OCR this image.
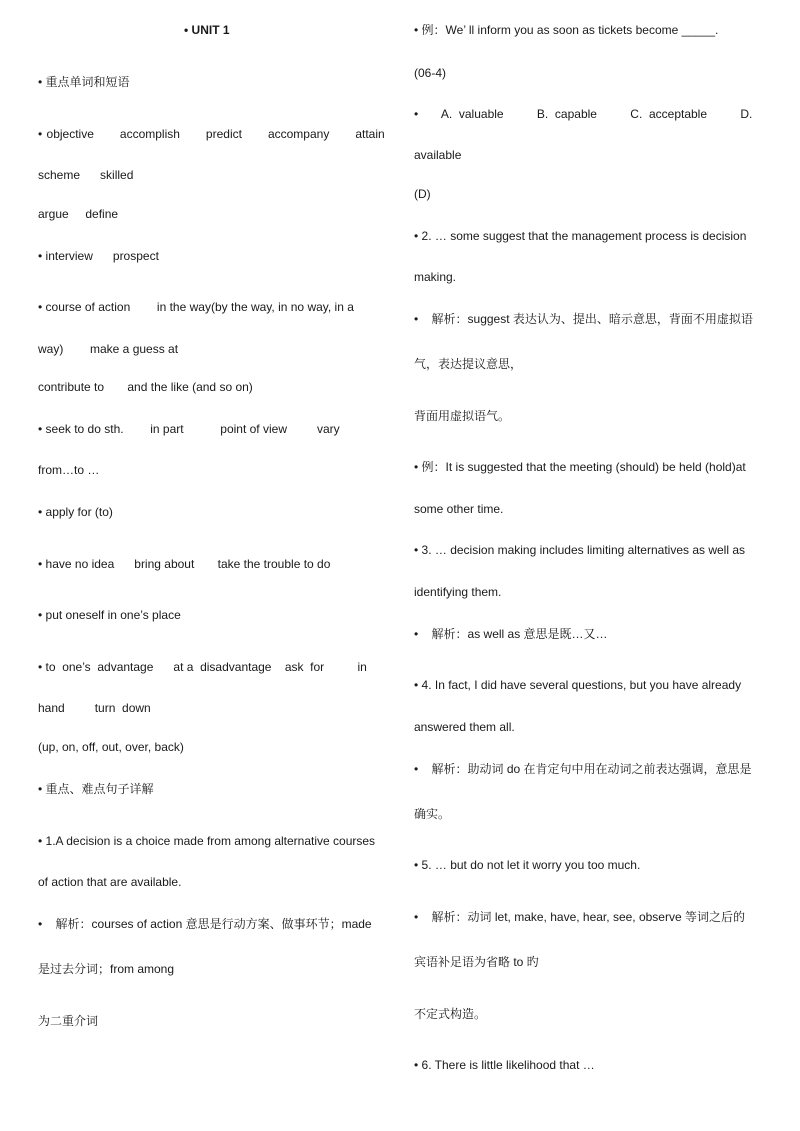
• UNIT 1
• 重点单词和短语
• objective      accomplish      predict      accompany      attain
scheme      skilled
argue     define
• interview      prospect
• course of action        in the way(by the way, in no way, in a
way)        make a guess at
contribute to       and the like (and so on)
• seek to do sth.        in part           point of view         vary
from…to …
• apply for (to)
• have no idea      bring about       take the trouble to do
• put oneself in one’s place
• to  one’s  advantage      at a  disadvantage    ask  for          in
hand         turn  down
(up, on, off, out, over, back)
• 重点、难点句子详解
• 1.A decision is a choice made from among alternative courses
of action that are available.
•    解析：courses of action 意思是行动方案、做事环节；made
是过去分词；from among
为二重介词
• 例：We’ ll inform you as soon as tickets become _____.
(06-4)
•       A.  valuable          B.  capable          C.  acceptable          D.
available
(D)
• 2. … some suggest that the management process is decision
making.
•    解析：suggest 表达认为、提出、暗示意思，背面不用虚拟语
气，表达提议意思，
背面用虚拟语气。
• 例：It is suggested that the meeting (should) be held (hold)at
some other time.
• 3. … decision making includes limiting alternatives as well as
identifying them.
•    解析：as well as 意思是既…又…
• 4. In fact, I did have several questions, but you have already
answered them all.
•    解析：助动词 do 在肯定句中用在动词之前表达强调，意思是
确实。
• 5. … but do not let it worry you too much.
•    解析：动词 let, make, have, hear, see, observe 等词之后的
宾语补足语为省略 to 旳
不定式构造。
• 6. There is little likelihood that …
